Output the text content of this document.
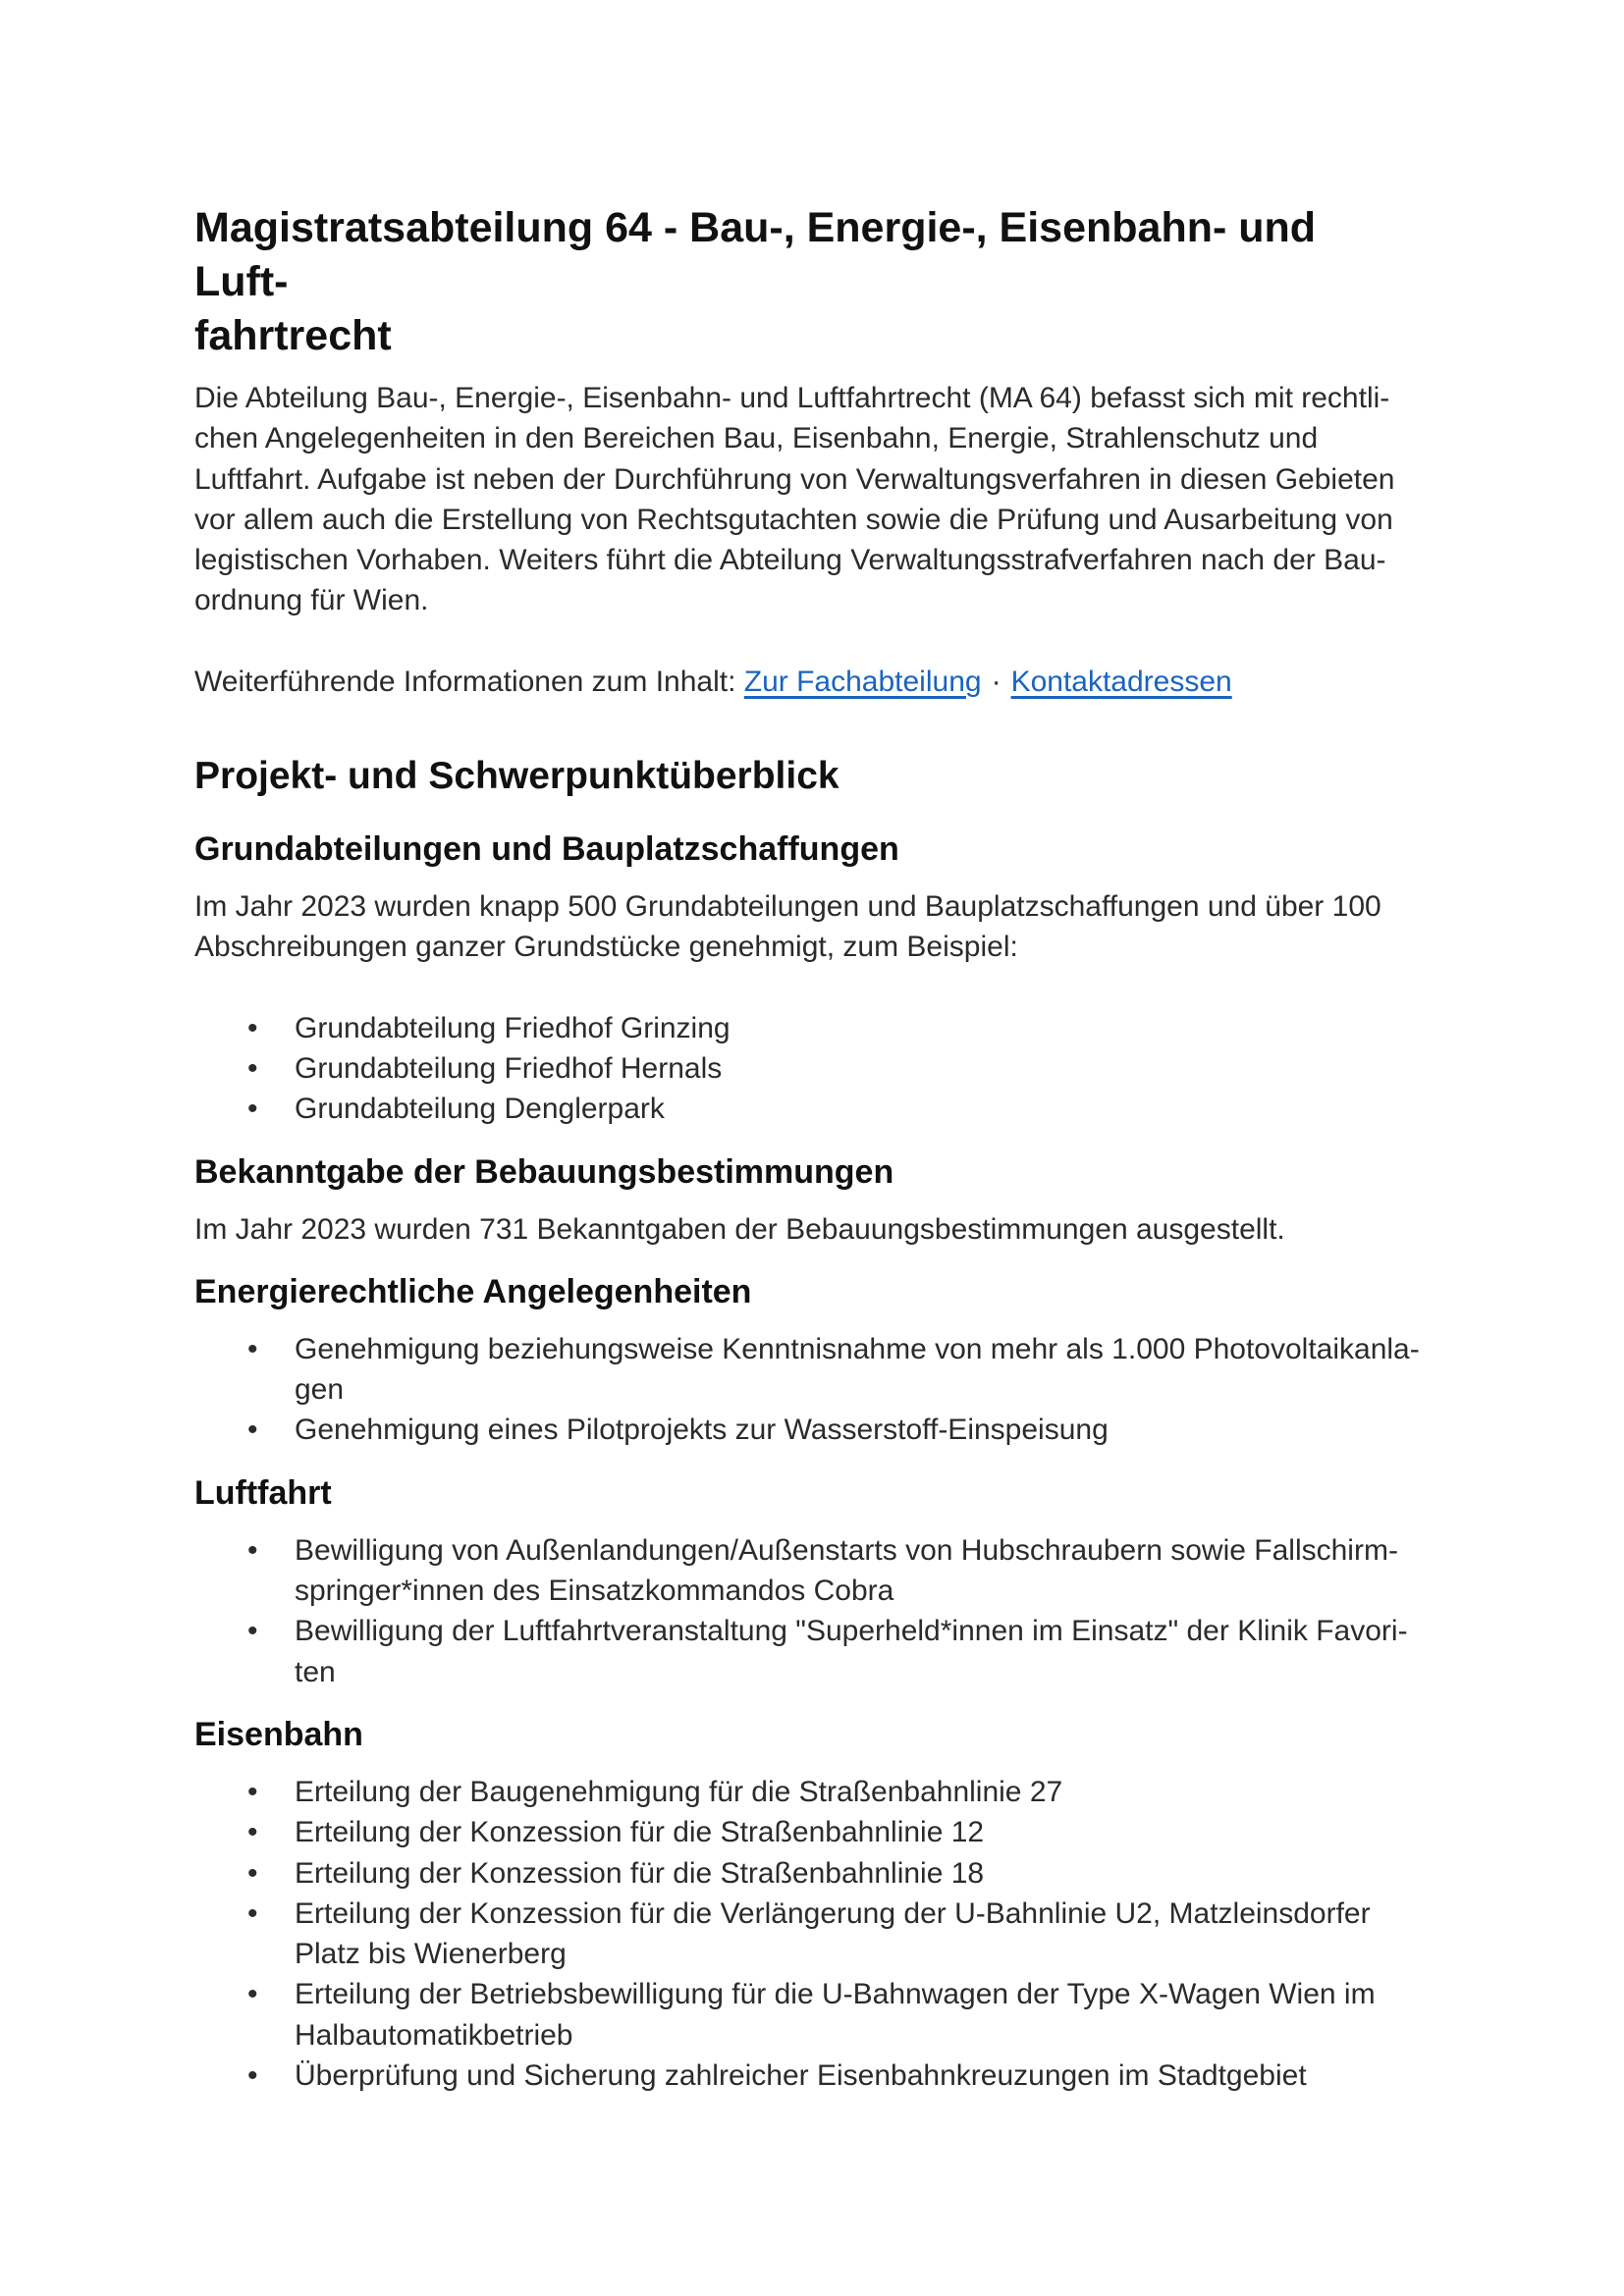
Magistratsabteilung 64 - Bau-, Energie-, Eisenbahn- und Luft-
fahrtrecht

Die Abteilung Bau-, Energie-, Eisenbahn- und Luftfahrtrecht (MA 64) befasst sich mit rechtli-
chen Angelegenheiten in den Bereichen Bau, Eisenbahn, Energie, Strahlenschutz und
Luftfahrt. Aufgabe ist neben der Durchführung von Verwaltungsverfahren in diesen Gebieten
vor allem auch die Erstellung von Rechtsgutachten sowie die Prüfung und Ausarbeitung von
legistischen Vorhaben. Weiters führt die Abteilung Verwaltungsstrafverfahren nach der Bau-
ordnung für Wien.

Weiterführende Informationen zum Inhalt: Zur Fachabteilung · Kontaktadressen

Projekt- und Schwerpunktüberblick
Grundabteilungen und Bauplatzschaffungen

Im Jahr 2023 wurden knapp 500 Grundabteilungen und Bauplatzschaffungen und über 100
Abschreibungen ganzer Grundstücke genehmigt, zum Beispiel:

• Grundabteilung Friedhof Grinzing
• Grundabteilung Friedhof Hernals
• Grundabteilung Denglerpark
Bekanntgabe der Bebauungsbestimmungen

Im Jahr 2023 wurden 731 Bekanntgaben der Bebauungsbestimmungen ausgestellt.

Energierechtliche Angelegenheiten
• Genehmigung beziehungsweise Kenntnisnahme von mehr als 1.000 Photovoltaikanla-
gen
• Genehmigung eines Pilotprojekts zur Wasserstoff-Einspeisung
Luftfahrt
• Bewilligung von Außenlandungen/Außenstarts von Hubschraubern sowie Fallschirm-
springer*innen des Einsatzkommandos Cobra
• Bewilligung der Luftfahrtveranstaltung "Superheld*innen im Einsatz" der Klinik Favori-
ten
Eisenbahn
• Erteilung der Baugenehmigung für die Straßenbahnlinie 27
• Erteilung der Konzession für die Straßenbahnlinie 12
• Erteilung der Konzession für die Straßenbahnlinie 18
• Erteilung der Konzession für die Verlängerung der U-Bahnlinie U2, Matzleinsdorfer
Platz bis Wienerberg
• Erteilung der Betriebsbewilligung für die U-Bahnwagen der Type X-Wagen Wien im
Halbautomatikbetrieb
• Überprüfung und Sicherung zahlreicher Eisenbahnkreuzungen im Stadtgebiet
